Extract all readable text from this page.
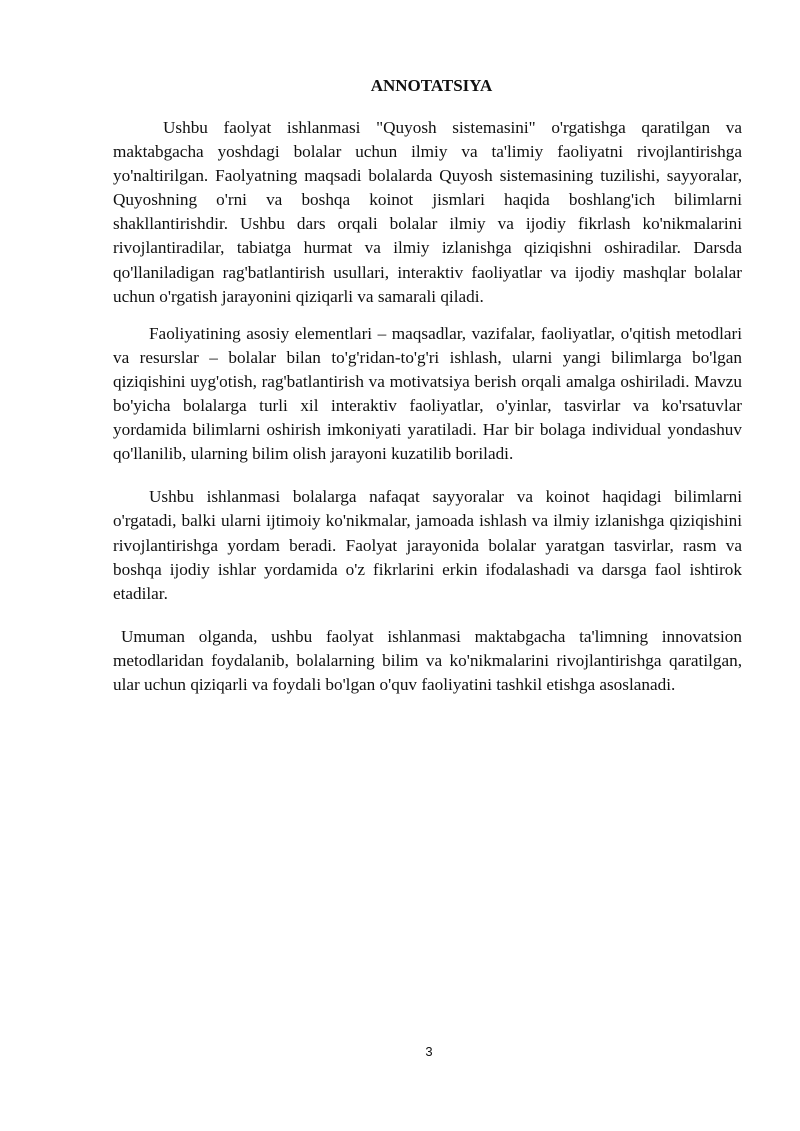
ANNOTATSIYA

Ushbu faolyat ishlanmasi "Quyosh sistemasini" o'rgatishga qaratilgan va maktabgacha yoshdagi bolalar uchun ilmiy va ta'limiy faoliyatni rivojlantirishga yo'naltirilgan. Faolyatning maqsadi bolalarda Quyosh sistemasining tuzilishi, sayyoralar, Quyoshning o'rni va boshqa koinot jismlari haqida boshlang'ich bilimlarni shakllantirishdir. Ushbu dars orqali bolalar ilmiy va ijodiy fikrlash ko'nikmalarini rivojlantiradilar, tabiatga hurmat va ilmiy izlanishga qiziqishni oshiradilar. Darsda qo'llaniladigan rag'batlantirish usullari, interaktiv faoliyatlar va ijodiy mashqlar bolalar uchun o'rgatish jarayonini qiziqarli va samarali qiladi.

Faoliyatining asosiy elementlari – maqsadlar, vazifalar, faoliyatlar, o'qitish metodlari va resurslar – bolalar bilan to'g'ridan-to'g'ri ishlash, ularni yangi bilimlarga bo'lgan qiziqishini uyg'otish, rag'batlantirish va motivatsiya berish orqali amalga oshiriladi. Mavzu bo'yicha bolalarga turli xil interaktiv faoliyatlar, o'yinlar, tasvirlar va ko'rsatuvlar yordamida bilimlarni oshirish imkoniyati yaratiladi. Har bir bolaga individual yondashuv qo'llanilib, ularning bilim olish jarayoni kuzatilib boriladi.

Ushbu ishlanmasi bolalarga nafaqat sayyoralar va koinot haqidagi bilimlarni o'rgatadi, balki ularni ijtimoiy ko'nikmalar, jamoada ishlash va ilmiy izlanishga qiziqishini rivojlantirishga yordam beradi. Faolyat jarayonida bolalar yaratgan tasvirlar, rasm va boshqa ijodiy ishlar yordamida o'z fikrlarini erkin ifodalashadi va darsga faol ishtirok etadilar.

Umuman olganda, ushbu faolyat ishlanmasi maktabgacha ta'limning innovatsion metodlaridan foydalanib, bolalarning bilim va ko'nikmalarini rivojlantirishga qaratilgan, ular uchun qiziqarli va foydali bo'lgan o'quv faoliyatini tashkil etishga asoslanadi.

3
